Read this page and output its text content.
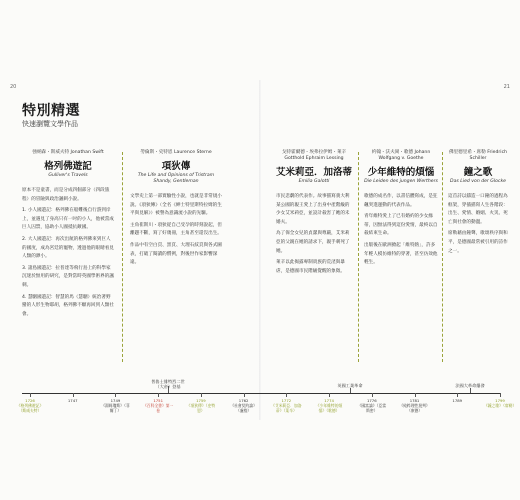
20	21
特別精選
快速瀏覽文學作品
強納森・斯威夫特 Jonathan Swift
格列佛遊記
Gulliver's Travels

原本不是童書，而是分成四個部分（四段旅程）的冒險與政治諷刺小說。

1. 小人國遊記：格列佛在船難後自行游到岸上，並遇見了身高只有一吋的小人，他被當成巨人囚禁，協助小人國抵抗敵國。

2. 大人國遊記：再次出航的格列佛來到巨人的國度，成為宮廷的寵物，透過他的眼睛看見人類的渺小。

3. 諸島國遊記：拉普達等飛行島上的科學家沉迷於無用的研究，是對當時英國學術界的諷刺。

4. 慧駰國遊記：智慧的馬（慧駰）統治著野蠻的人形生物耶胡，格列佛不願再回到人類社會。

勞倫斯・史特恩 Laurence Sterne
項狄傳
The Life and Opinions of Tristram Shandy, Gentleman

文學史上第一部實驗性小說，也就是非常規小說。《項狄傳》（全名《紳士特里斯特拉姆的生平與見解》）被譽為意識流小說的先驅。

主角崔斯川・項狄從自己受孕的時刻說起，但離題不斷，寫了好幾冊，主角甚至還沒出生。

作品中有空白頁、黑頁、大理石紋頁與各式圖表，打破了閱讀的慣例，對後世作家影響深遠。

戈特霍爾德・埃弗拉伊姆・萊辛 Gotthold Ephraim Lessing
艾米莉亞．加洛蒂
Emilia Galotti

市民悲劇的代表作。故事描寫義大利某公國的親王愛上了出身中產階級的少女艾米莉亞，並設計殺害了她的未婚夫。

為了保全女兒的貞潔與尊嚴，艾米莉亞的父親在她的請求下，親手刺死了她。

萊辛以此揭露專制貴族的荒淫與暴虐，是德國市民階級覺醒的象徵。

約翰・沃夫岡・歌德 Johann Wolfgang v. Goethe
少年維特的煩惱
Die Leiden des jungen Werthers

歌德的成名作，以書信體寫成，是狂飆突進運動的代表作品。

青年維特愛上了已有婚約的少女綠蒂，因無法得到這份愛情，最終以自殺結束生命。

出版後在歐洲掀起「維特熱」，許多年輕人模仿維特的穿著，甚至仿效他輕生。

佛里德里希・席勒 Friedrich Schiller
鐘之歌
Das Lied von der Glocke

這首詩以鑄造一口鐘的過程為框架，穿插描寫人生各階段：出生、愛情、婚姻、火災、死亡與社會的動盪。

席勒藉由鐘聲，歌頌秩序與和平，是德國最常被引用的詩作之一。

普魯士腓特烈二世（大帝）登基	英國工業革命	法國大革命爆發
1726
《格列佛遊記》（斯威夫特）
1747	1749
《湯姆瓊斯》（菲爾丁）
1751
《百科全書》第一卷
1759
《項狄傳》（史特恩）
1762
《社會契約論》（盧梭）
1772
《艾米莉亞．加洛蒂》（萊辛）
1774
《少年維特的煩惱》（歌德）
1776
《國富論》（亞當斯密）
1781
《純粹理性批判》（康德）
1789	1799
《鐘之歌》（席勒）
